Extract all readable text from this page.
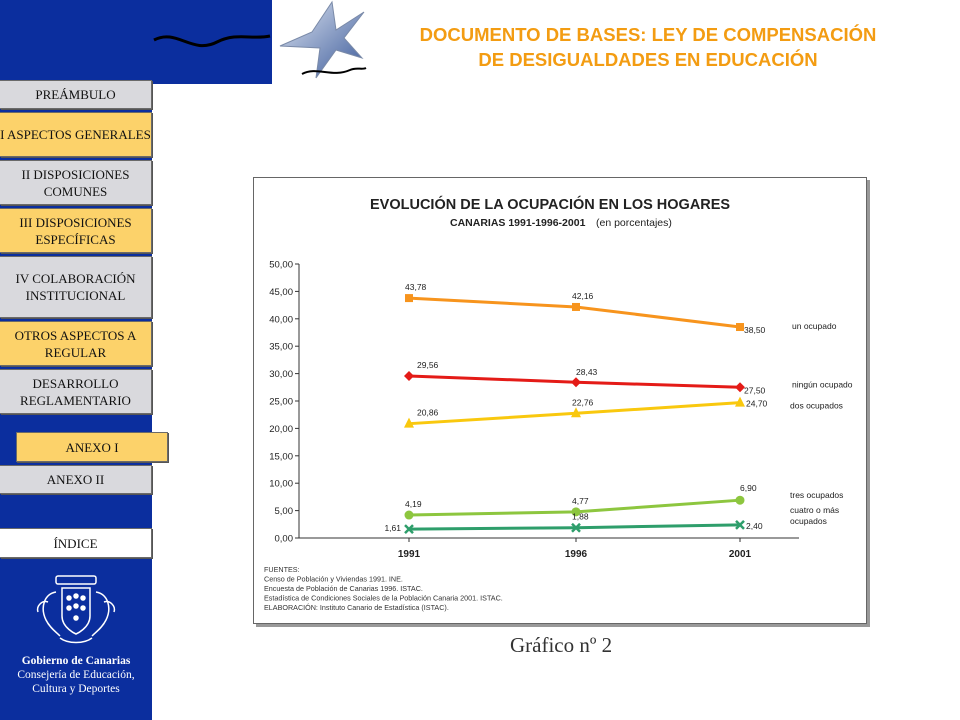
DOCUMENTO DE BASES: LEY DE COMPENSACIÓN
DE DESIGUALDADES EN EDUCACIÓN
PREÁMBULO
I ASPECTOS GENERALES
II DISPOSICIONES COMUNES
III DISPOSICIONES ESPECÍFICAS
IV COLABORACIÓN INSTITUCIONAL
OTROS ASPECTOS A REGULAR
DESARROLLO REGLAMENTARIO
ANEXO I
ANEXO II
ÍNDICE
Gobierno de Canarias
Consejería de Educación,
Cultura y Deportes
EVOLUCIÓN DE LA OCUPACIÓN EN LOS HOGARES
CANARIAS 1991-1996-2001 (en porcentajes)
0,00
5,00
10,00
15,00
20,00
25,00
30,00
35,00
40,00
45,00
50,00
1991	1996	2001
43,78
42,16
38,50	un ocupado
29,56
28,43
27,50
ningún ocupado
20,86
22,76	24,70	dos ocupados
4,19	4,77
6,90
tres ocupados
1,61
1,88
2,40
cuatro o más
ocupados
FUENTES:
Censo de Población y Viviendas 1991. INE.
Encuesta de Población de Canarias 1996. ISTAC.
Estadística de Condiciones Sociales de la Población Canaria 2001. ISTAC.
ELABORACIÓN: Instituto Canario de Estadística (ISTAC).
Gráfico nº 2
